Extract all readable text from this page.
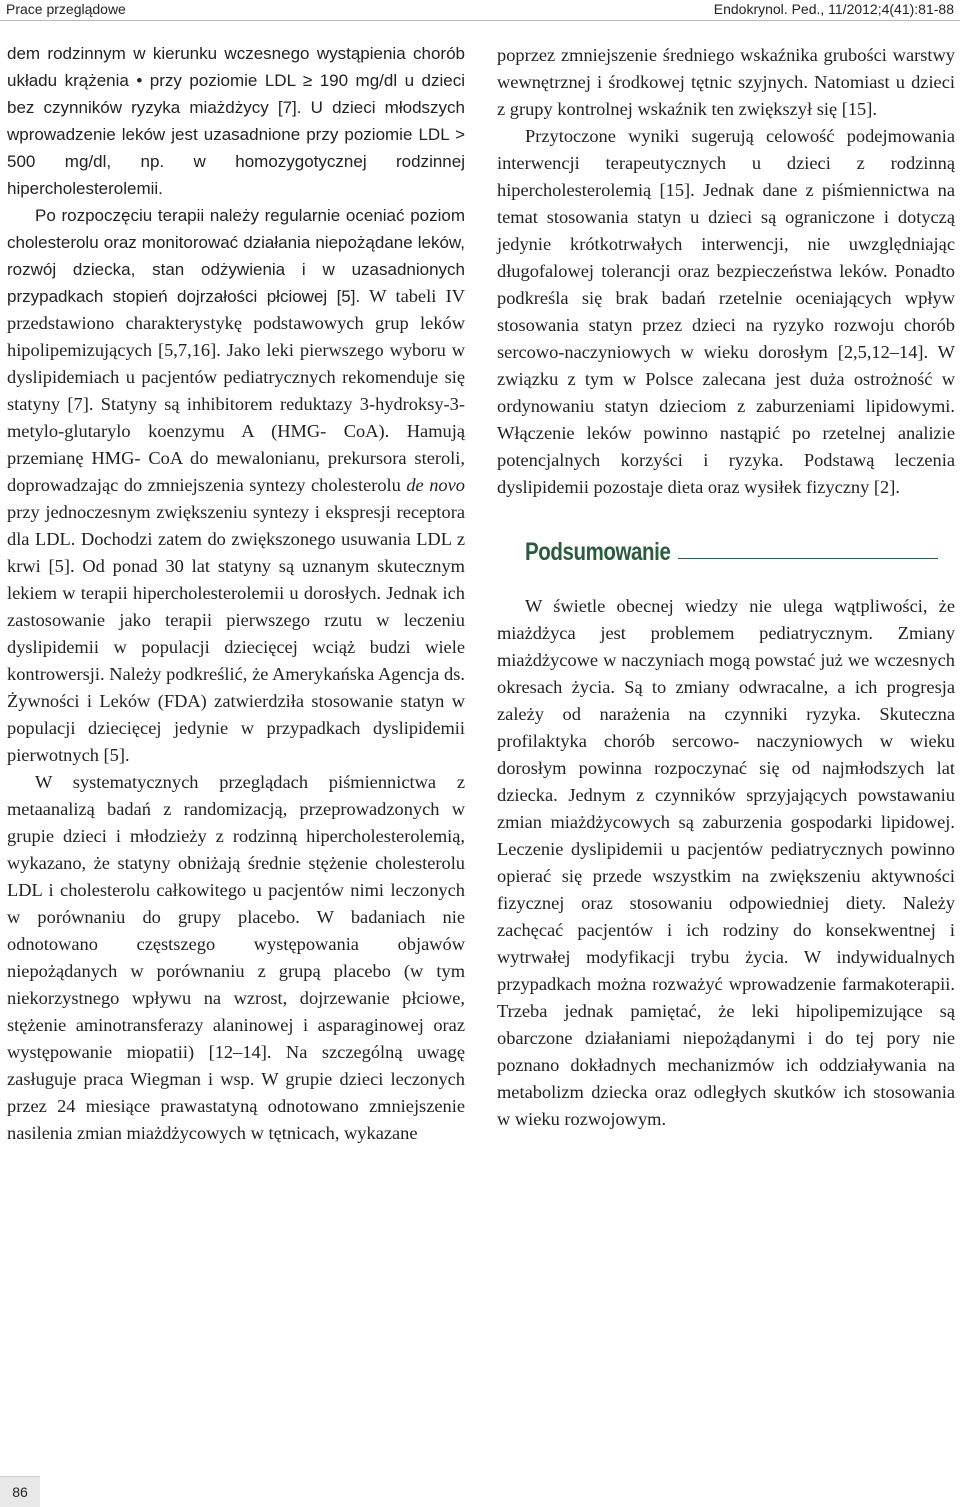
Prace przeglądowe	Endokrynol. Ped., 11/2012;4(41):81-88

dem rodzinnym w kierunku wczesnego wystąpienia chorób układu krążenia • przy poziomie LDL ≥ 190 mg/dl u dzieci bez czynników ryzyka miażdżycy [7]. U dzieci młodszych wprowadzenie leków jest uzasadnione przy poziomie LDL > 500 mg/dl, np. w homozygotycznej rodzinnej hipercholesterolemii.

Po rozpoczęciu terapii należy regularnie oceniać poziom cholesterolu oraz monitorować działania niepożądane leków, rozwój dziecka, stan odżywienia i w uzasadnionych przypadkach stopień dojrzałości płciowej [5]. W tabeli IV przedstawiono charakterystykę podstawowych grup leków hipolipemizujących [5,7,16]. Jako leki pierwszego wyboru w dyslipidemiach u pacjentów pediatrycznych rekomenduje się statyny [7]. Statyny są inhibitorem reduktazy 3-hydroksy-3-metylo-glutarylo koenzymu A (HMG- CoA). Hamują przemianę HMG- CoA do mewalonianu, prekursora steroli, doprowadzając do zmniejszenia syntezy cholesterolu de novo przy jednoczesnym zwiększeniu syntezy i ekspresji receptora dla LDL. Dochodzi zatem do zwiększonego usuwania LDL z krwi [5]. Od ponad 30 lat statyny są uznanym skutecznym lekiem w terapii hipercholesterolemii u dorosłych. Jednak ich zastosowanie jako terapii pierwszego rzutu w leczeniu dyslipidemii w populacji dziecięcej wciąż budzi wiele kontrowersji. Należy podkreślić, że Amerykańska Agencja ds. Żywności i Leków (FDA) zatwierdziła stosowanie statyn w populacji dziecięcej jedynie w przypadkach dyslipidemii pierwotnych [5].

W systematycznych przeglądach piśmiennictwa z metaanalizą badań z randomizacją, przeprowadzonych w grupie dzieci i młodzieży z rodzinną hipercholesterolemią, wykazano, że statyny obniżają średnie stężenie cholesterolu LDL i cholesterolu całkowitego u pacjentów nimi leczonych w porównaniu do grupy placebo. W badaniach nie odnotowano częstszego występowania objawów niepożądanych w porównaniu z grupą placebo (w tym niekorzystnego wpływu na wzrost, dojrzewanie płciowe, stężenie aminotransferazy alaninowej i asparaginowej oraz występowanie miopatii) [12–14]. Na szczególną uwagę zasługuje praca Wiegman i wsp. W grupie dzieci leczonych przez 24 miesiące prawastatyną odnotowano zmniejszenie nasilenia zmian miażdżycowych w tętnicach, wykazane

poprzez zmniejszenie średniego wskaźnika grubości warstwy wewnętrznej i środkowej tętnic szyjnych. Natomiast u dzieci z grupy kontrolnej wskaźnik ten zwiększył się [15].

Przytoczone wyniki sugerują celowość podejmowania interwencji terapeutycznych u dzieci z rodzinną hipercholesterolemią [15]. Jednak dane z piśmiennictwa na temat stosowania statyn u dzieci są ograniczone i dotyczą jedynie krótkotrwałych interwencji, nie uwzględniając długofalowej tolerancji oraz bezpieczeństwa leków. Ponadto podkreśla się brak badań rzetelnie oceniających wpływ stosowania statyn przez dzieci na ryzyko rozwoju chorób sercowo-naczyniowych w wieku dorosłym [2,5,12–14]. W związku z tym w Polsce zalecana jest duża ostrożność w ordynowaniu statyn dzieciom z zaburzeniami lipidowymi. Włączenie leków powinno nastąpić po rzetelnej analizie potencjalnych korzyści i ryzyka. Podstawą leczenia dyslipidemii pozostaje dieta oraz wysiłek fizyczny [2].

Podsumowanie

W świetle obecnej wiedzy nie ulega wątpliwości, że miażdżyca jest problemem pediatrycznym. Zmiany miażdżycowe w naczyniach mogą powstać już we wczesnych okresach życia. Są to zmiany odwracalne, a ich progresja zależy od narażenia na czynniki ryzyka. Skuteczna profilaktyka chorób sercowo- naczyniowych w wieku dorosłym powinna rozpoczynać się od najmłodszych lat dziecka. Jednym z czynników sprzyjających powstawaniu zmian miażdżycowych są zaburzenia gospodarki lipidowej. Leczenie dyslipidemii u pacjentów pediatrycznych powinno opierać się przede wszystkim na zwiększeniu aktywności fizycznej oraz stosowaniu odpowiedniej diety. Należy zachęcać pacjentów i ich rodziny do konsekwentnej i wytrwałej modyfikacji trybu życia. W indywidualnych przypadkach można rozważyć wprowadzenie farmakoterapii. Trzeba jednak pamiętać, że leki hipolipemizujące są obarczone działaniami niepożądanymi i do tej pory nie poznano dokładnych mechanizmów ich oddziaływania na metabolizm dziecka oraz odległych skutków ich stosowania w wieku rozwojowym.

86
